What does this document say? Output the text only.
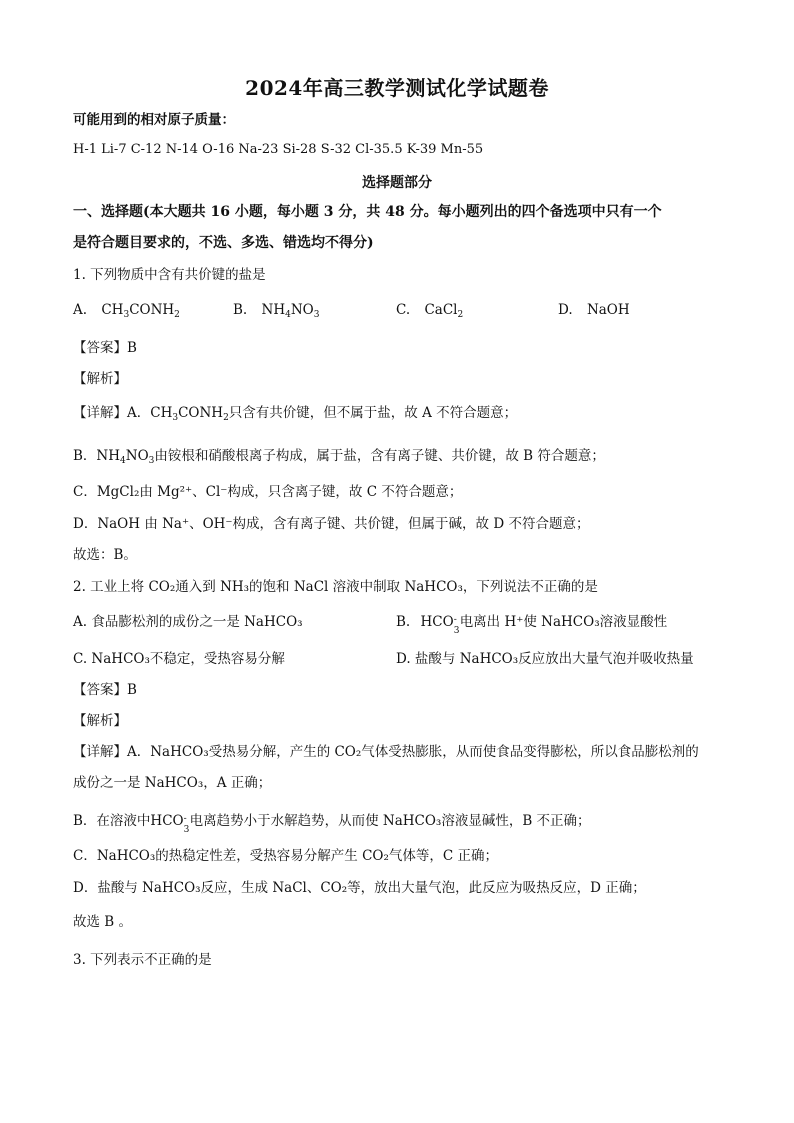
2024年高三教学测试化学试题卷
可能用到的相对原子质量：
H-1 Li-7 C-12 N-14 O-16 Na-23 Si-28 S-32 Cl-35.5 K-39 Mn-55
选择题部分
一、选择题(本大题共 16 小题，每小题 3 分，共 48 分。每小题列出的四个备选项中只有一个
是符合题目要求的，不选、多选、错选均不得分)
1. 下列物质中含有共价键的盐是
A. $CH_3CONH_2$	B. $NH_4NO_3$	C. CaCl$_2$	D. NaOH
【答案】B
【解析】
【详解】A．$CH_3CONH_2$只含有共价键，但不属于盐，故 A 不符合题意；
B．$NH_4NO_3$由铵根和硝酸根离子构成，属于盐，含有离子键、共价键，故 B 符合题意；
C．MgCl₂由 Mg²⁺、Cl⁻构成，只含离子键，故 C 不符合题意；
D．NaOH 由 Na⁺、OH⁻构成，含有离子键、共价键，但属于碱，故 D 不符合题意；
故选：B。
2. 工业上将 CO₂通入到 NH₃的饱和 NaCl 溶液中制取 NaHCO₃，下列说法不正确的是
A. 食品膨松剂的成份之一是 NaHCO₃	B. HCO -
3
电离出 H⁺使 NaHCO₃溶液显酸性
C. NaHCO₃不稳定，受热容易分解	D. 盐酸与 NaHCO₃反应放出大量气泡并吸收热量
【答案】B
【解析】
【详解】A．NaHCO₃受热易分解，产生的 CO₂气体受热膨胀，从而使食品变得膨松，所以食品膨松剂的
成份之一是 NaHCO₃，A 正确；
B．在溶液中HCO -
3
电离趋势小于水解趋势，从而使 NaHCO₃溶液显碱性，B 不正确；
C．NaHCO₃的热稳定性差，受热容易分解产生 CO₂气体等，C 正确；
D．盐酸与 NaHCO₃反应，生成 NaCl、CO₂等，放出大量气泡，此反应为吸热反应，D 正确；
故选 B 。
3. 下列表示不正确的是
